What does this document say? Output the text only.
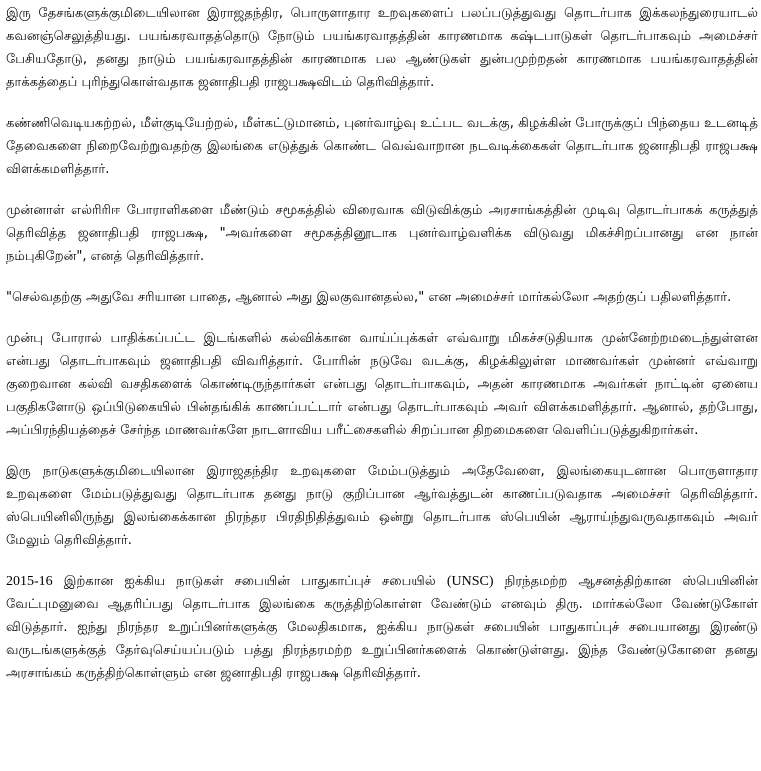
இரு தேசங்களுக்குமிடையிலான இராஜதந்திர, பொருளாதார உறவுகளைப் பலப்படுத்துவது தொடர்பாக இக்கலந்துரையாடல் கவனஞ்செலுத்தியது. பயங்கரவாதத்தொடு நோடும் பயங்கரவாதத்தின் காரணமாக கஷ்டபாடுகள் தொடர்பாகவும் அமைச்சர் பேசியதோடு, தனது நாடும் பயங்கரவாதத்தின் காரணமாக பல ஆண்டுகள் துன்பமுற்றதன் காரணமாக பயங்கரவாதத்தின் தாக்கத்தைப் புரிந்துகொள்வதாக ஜனாதிபதி ராஜபக்ஷவிடம் தெரிவித்தார்.

கண்ணிவெடியகற்றல், மீள்குடியேற்றல், மீள்கட்டுமானம், புனர்வாழ்வு உட்பட வடக்கு, கிழக்கின் போருக்குப் பிந்தைய உடனடித் தேவைகளை நிறைவேற்றுவதற்கு இலங்கை எடுத்துக் கொண்ட வெவ்வாறான நடவடிக்கைகள் தொடர்பாக ஜனாதிபதி ராஜபக்ஷ விளக்கமளித்தார்.

முன்னாள் எல்ரிரிஈ போராளிகளை மீண்டும் சமூகத்தில் விரைவாக விடுவிக்கும் அரசாங்கத்தின் முடிவு தொடர்பாகக் கருத்துத் தெரிவித்த ஜனாதிபதி ராஜபக்ஷ, "அவர்களை சமூகத்தினூடாக புனர்வாழ்வளிக்க விடுவது மிகச்சிறப்பானது என நான் நம்புகிறேன்", எனத் தெரிவித்தார்.

"செல்வதற்கு அதுவே சரியான பாதை, ஆனால் அது இலகுவானதல்ல," என அமைச்சர் மார்கல்லோ அதற்குப் பதிலளித்தார்.

முன்பு போரால் பாதிக்கப்பட்ட இடங்களில் கல்விக்கான வாய்ப்புக்கள் எவ்வாறு மிகச்சடுதியாக முன்னேற்றமடைந்துள்ளன என்பது தொடர்பாகவும் ஜனாதிபதி விவரித்தார். போரின் நடுவே வடக்கு, கிழக்கிலுள்ள மாணவர்கள் முன்னர் எவ்வாறு குறைவான கல்வி வசதிகளைக் கொண்டிருந்தார்கள் என்பது தொடர்பாகவும், அதன் காரணமாக அவர்கள் நாட்டின் ஏனைய பகுதிகளோடு ஒப்பிடுகையில் பின்தங்கிக் காணப்பட்டார் என்பது தொடர்பாகவும் அவர் விளக்கமளித்தார். ஆனால், தற்போது, அப்பிரந்தியத்தைச் சேர்ந்த மாணவர்களே நாடளாவிய பரீட்சைகளில் சிறப்பான திறமைகளை வெளிப்படுத்துகிறார்கள்.

இரு நாடுகளுக்குமிடையிலான இராஜதந்திர உறவுகளை மேம்படுத்தும் அதேவேளை, இலங்கையுடனான பொருளாதார உறவுகளை மேம்படுத்துவது தொடர்பாக தனது நாடு குறிப்பான ஆர்வத்துடன் காணப்படுவதாக அமைச்சர் தெரிவித்தார். ஸ்பெயினிலிருந்து இலங்கைக்கான நிரந்தர பிரதிநிதித்துவம் ஒன்று தொடர்பாக ஸ்பெயின் ஆராய்ந்துவருவதாகவும் அவர் மேலும் தெரிவித்தார்.

2015-16 இற்கான ஐக்கிய நாடுகள் சபையின் பாதுகாப்புச் சபையில் (UNSC) நிரந்தமற்ற ஆசனத்திற்கான ஸ்பெயினின் வேட்புமனுவை ஆதரிப்பது தொடர்பாக இலங்கை கருத்திற்கொள்ள வேண்டும் எனவும் திரு. மார்கல்லோ வேண்டுகோள் விடுத்தார். ஐந்து நிரந்தர உறுப்பினர்களுக்கு மேலதிகமாக, ஐக்கிய நாடுகள் சபையின் பாதுகாப்புச் சபையானது இரண்டு வருடங்களுக்குத் தேர்வுசெய்யப்படும் பத்து நிரந்தரமற்ற உறுப்பினர்களைக் கொண்டுள்ளது. இந்த வேண்டுகோளை தனது அரசாங்கம் கருத்திற்கொள்ளும் என ஜனாதிபதி ராஜபக்ஷ தெரிவித்தார்.
